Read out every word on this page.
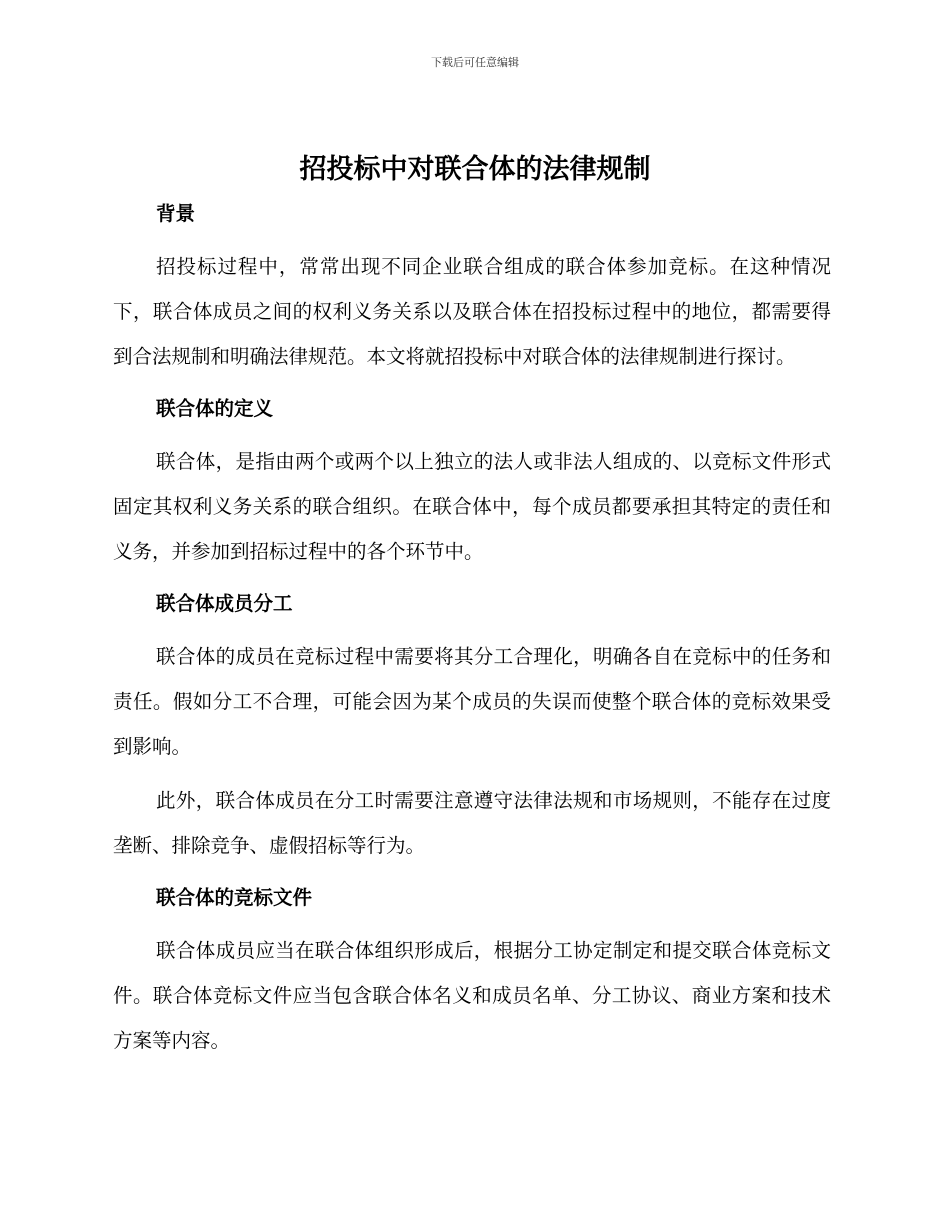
下载后可任意编辑
招投标中对联合体的法律规制
背景

招投标过程中，常常出现不同企业联合组成的联合体参加竞标。在这种情况下，联合体成员之间的权利义务关系以及联合体在招投标过程中的地位，都需要得到合法规制和明确法律规范。本文将就招投标中对联合体的法律规制进行探讨。

联合体的定义

联合体，是指由两个或两个以上独立的法人或非法人组成的、以竞标文件形式固定其权利义务关系的联合组织。在联合体中，每个成员都要承担其特定的责任和义务，并参加到招标过程中的各个环节中。

联合体成员分工

联合体的成员在竞标过程中需要将其分工合理化，明确各自在竞标中的任务和责任。假如分工不合理，可能会因为某个成员的失误而使整个联合体的竞标效果受到影响。

此外，联合体成员在分工时需要注意遵守法律法规和市场规则，不能存在过度垄断、排除竞争、虚假招标等行为。

联合体的竞标文件

联合体成员应当在联合体组织形成后，根据分工协定制定和提交联合体竞标文件。联合体竞标文件应当包含联合体名义和成员名单、分工协议、商业方案和技术方案等内容。
